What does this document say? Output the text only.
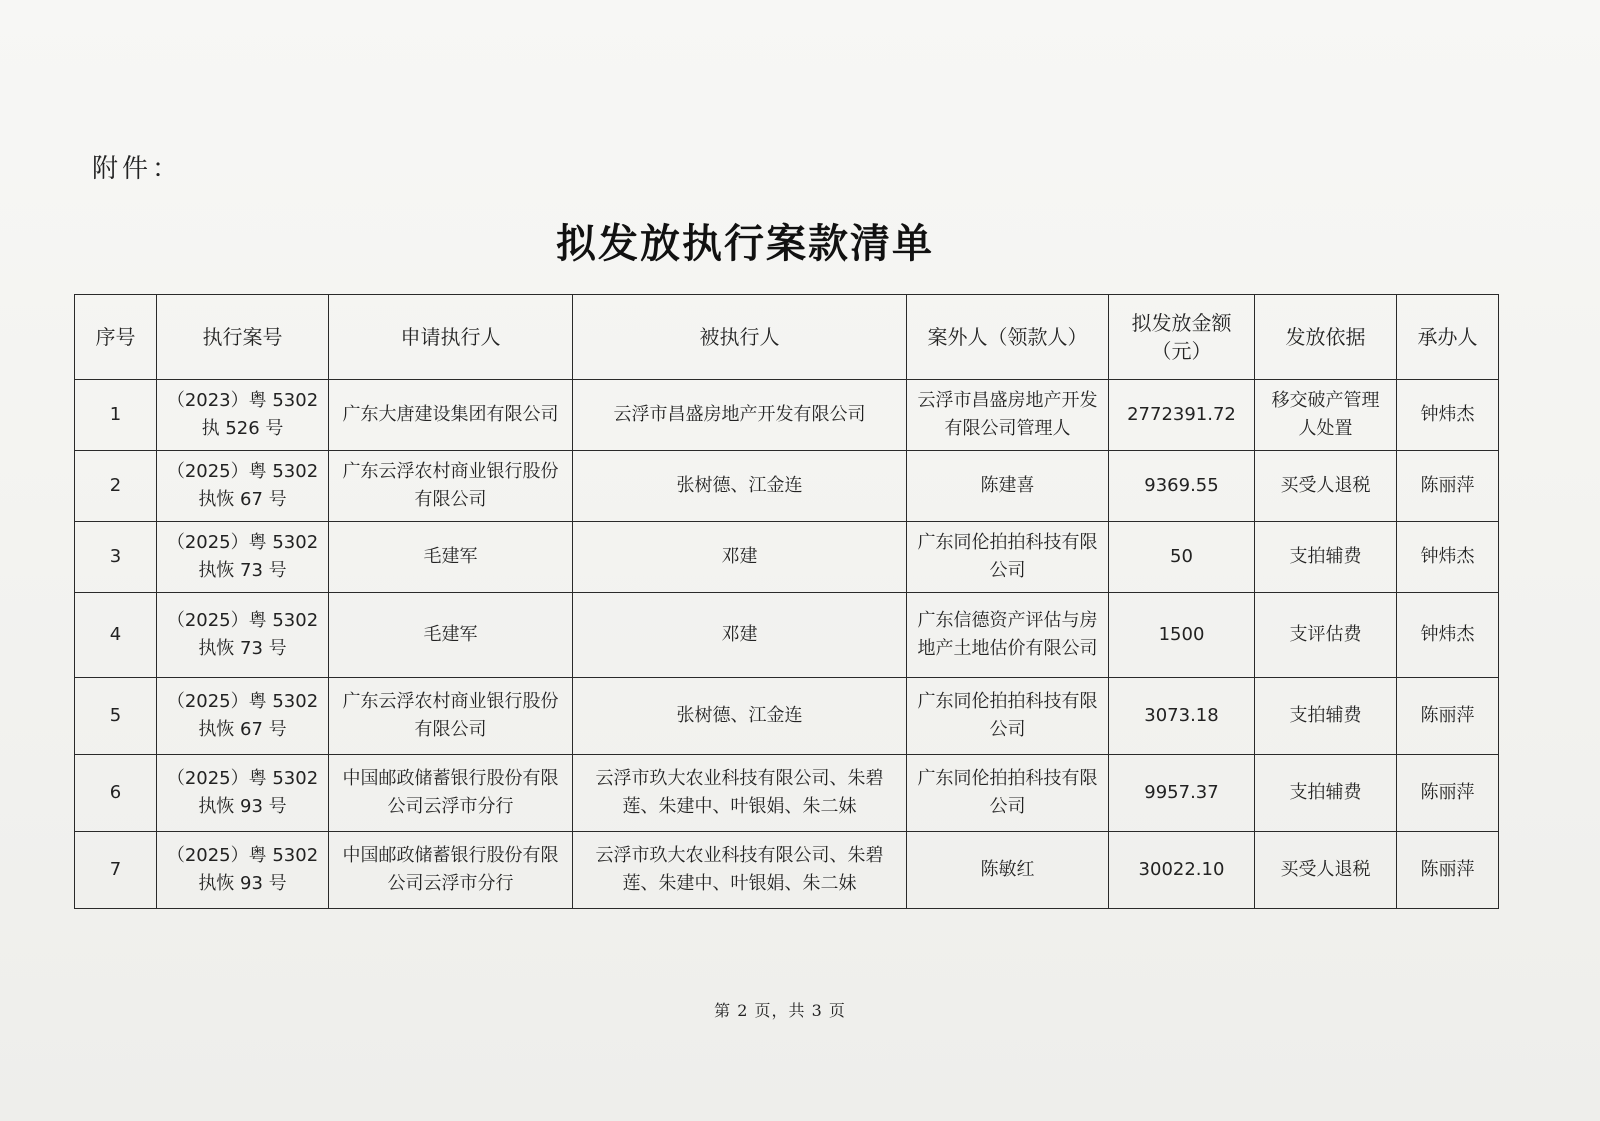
附件：
拟发放执行案款清单
序号	执行案号	申请执行人	被执行人	案外人（领款人）	拟发放金额（元）	发放依据	承办人
1	（2023）粤 5302 执 526 号	广东大唐建设集团有限公司	云浮市昌盛房地产开发有限公司	云浮市昌盛房地产开发有限公司管理人	2772391.72	移交破产管理人处置	钟炜杰
2	（2025）粤 5302 执恢 67 号	广东云浮农村商业银行股份有限公司	张树德、江金连	陈建喜	9369.55	买受人退税	陈丽萍
3	（2025）粤 5302 执恢 73 号	毛建军	邓建	广东同伦拍拍科技有限公司	50	支拍辅费	钟炜杰
4	（2025）粤 5302 执恢 73 号	毛建军	邓建	广东信德资产评估与房地产土地估价有限公司	1500	支评估费	钟炜杰
5	（2025）粤 5302 执恢 67 号	广东云浮农村商业银行股份有限公司	张树德、江金连	广东同伦拍拍科技有限公司	3073.18	支拍辅费	陈丽萍
6	（2025）粤 5302 执恢 93 号	中国邮政储蓄银行股份有限公司云浮市分行	云浮市玖大农业科技有限公司、朱碧莲、朱建中、叶银娟、朱二妹	广东同伦拍拍科技有限公司	9957.37	支拍辅费	陈丽萍
7	（2025）粤 5302 执恢 93 号	中国邮政储蓄银行股份有限公司云浮市分行	云浮市玖大农业科技有限公司、朱碧莲、朱建中、叶银娟、朱二妹	陈敏红	30022.10	买受人退税	陈丽萍
第 2 页，共 3 页
